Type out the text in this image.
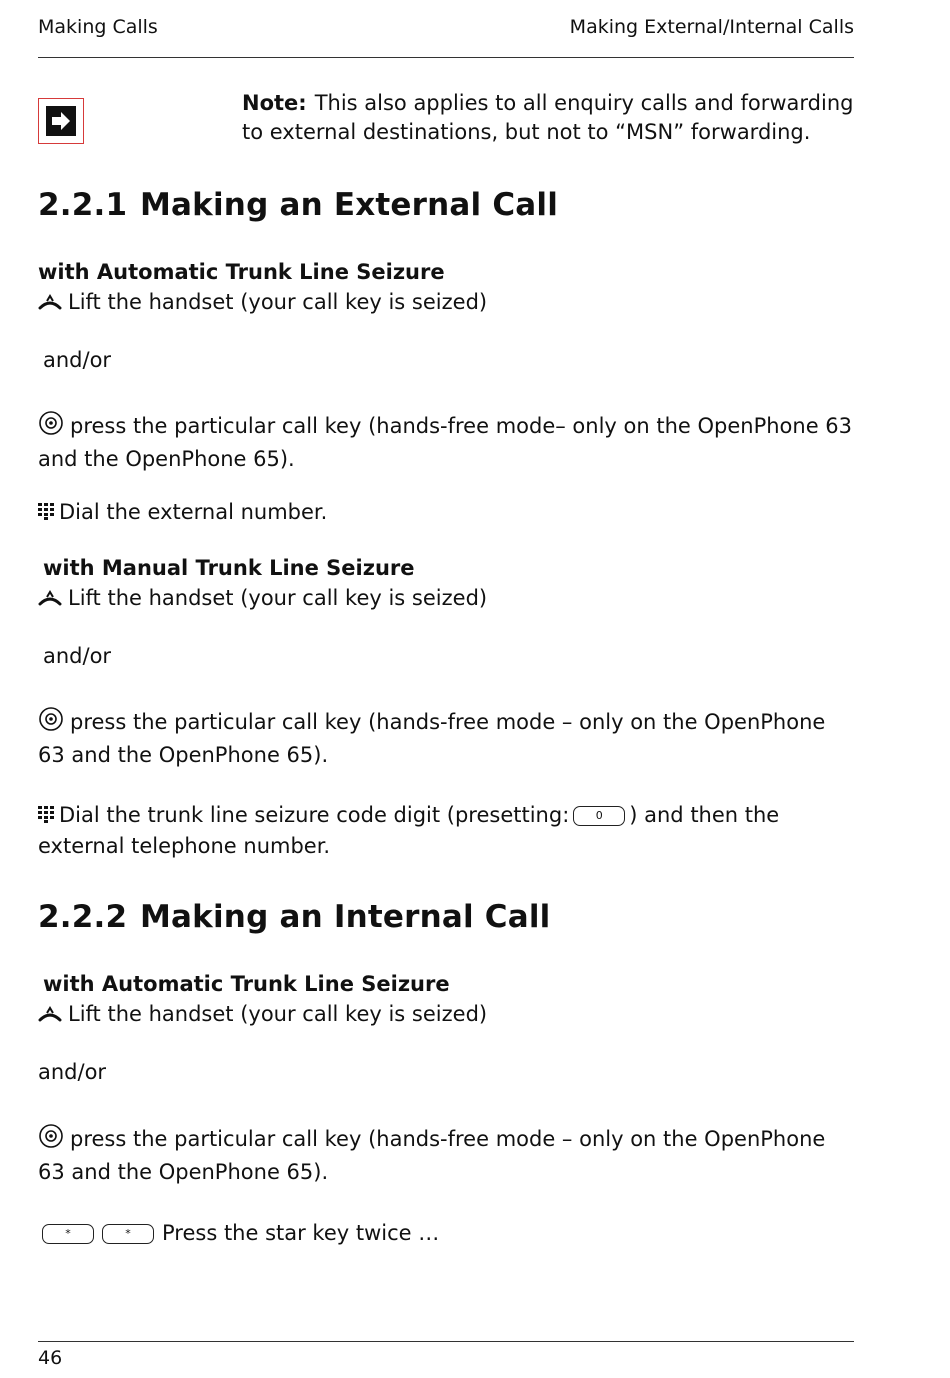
Making Calls	Making External/Internal Calls
Note: This also applies to all enquiry calls and forwarding to external destinations, but not to “MSN” forwarding.
2.2.1 Making an External Call
with Automatic Trunk Line Seizure
Lift the handset (your call key is seized)
and/or
press the particular call key (hands-free mode– only on the OpenPhone 63 and the OpenPhone 65).
Dial the external number.
with Manual Trunk Line Seizure
Lift the handset (your call key is seized)
and/or
press the particular call key (hands-free mode – only on the OpenPhone 63 and the OpenPhone 65).
Dial the trunk line seizure code digit (presetting: 0 ) and then the external telephone number.
2.2.2 Making an Internal Call
with Automatic Trunk Line Seizure
Lift the handset (your call key is seized)
and/or
press the particular call key (hands-free mode – only on the OpenPhone 63 and the OpenPhone 65).
*	* Press the star key twice …
46
